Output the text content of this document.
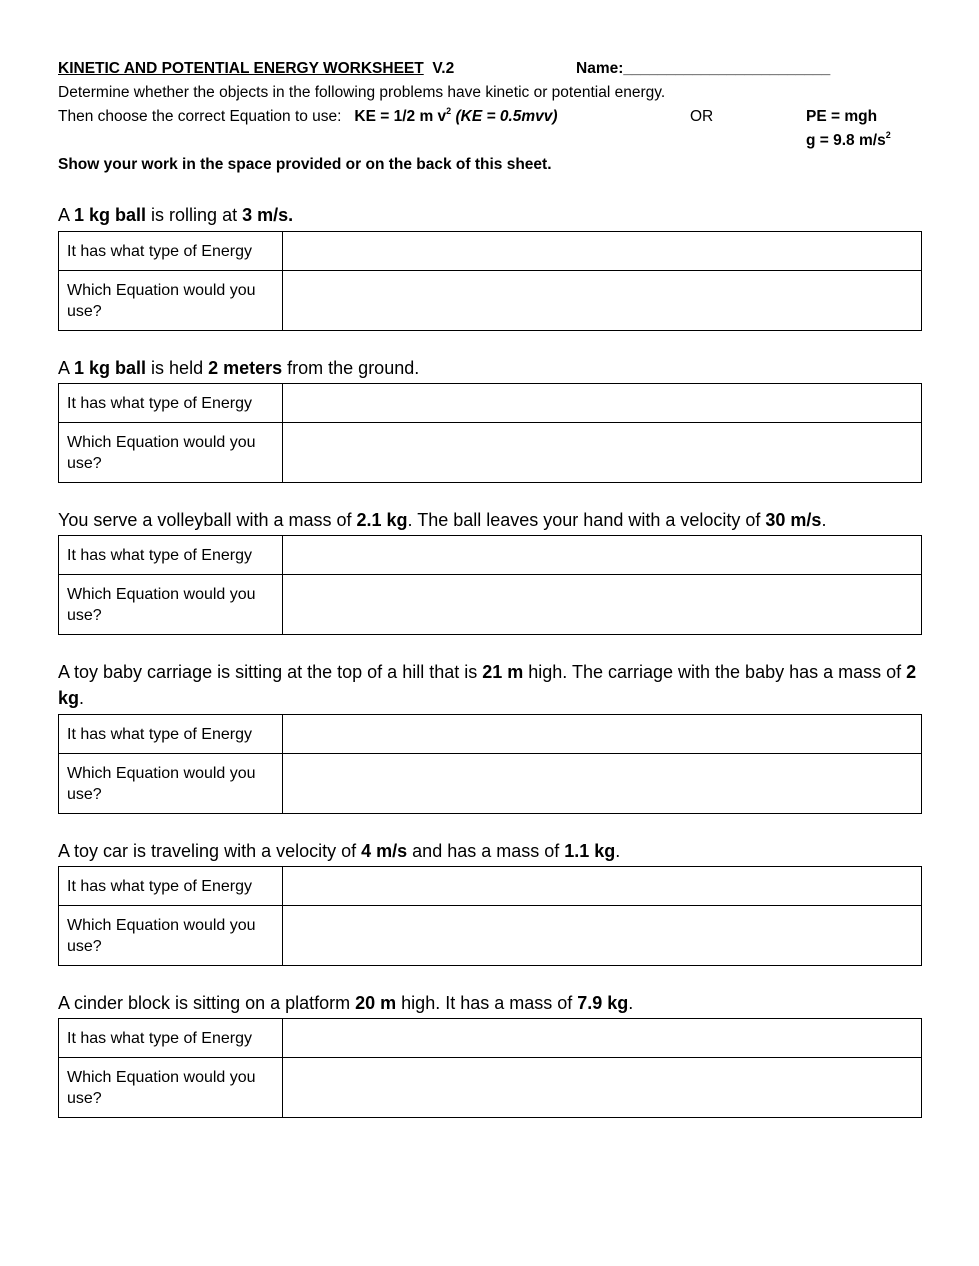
KINETIC AND POTENTIAL ENERGY WORKSHEET V.2	Name:________________________
Determine whether the objects in the following problems have kinetic or potential energy.
Then choose the correct Equation to use: KE = 1/2 m $v^2$ (KE = 0.5mvv)	OR	PE = mgh
g = 9.8 $m/s^2$
Show your work in the space provided or on the back of this sheet.
A 1 kg ball is rolling at 3 m/s.
It has what type of Energy	
Which Equation would you use?	
A 1 kg ball is held 2 meters from the ground.
It has what type of Energy	
Which Equation would you use?	
You serve a volleyball with a mass of 2.1 kg. The ball leaves your hand with a velocity of 30 m/s.
It has what type of Energy	
Which Equation would you use?	
A toy baby carriage is sitting at the top of a hill that is 21 m high. The carriage with the baby has a mass of 2 kg.
It has what type of Energy	
Which Equation would you use?	
A toy car is traveling with a velocity of 4 m/s and has a mass of 1.1 kg.
It has what type of Energy	
Which Equation would you use?	
A cinder block is sitting on a platform 20 m high. It has a mass of 7.9 kg.
It has what type of Energy	
Which Equation would you use?	
